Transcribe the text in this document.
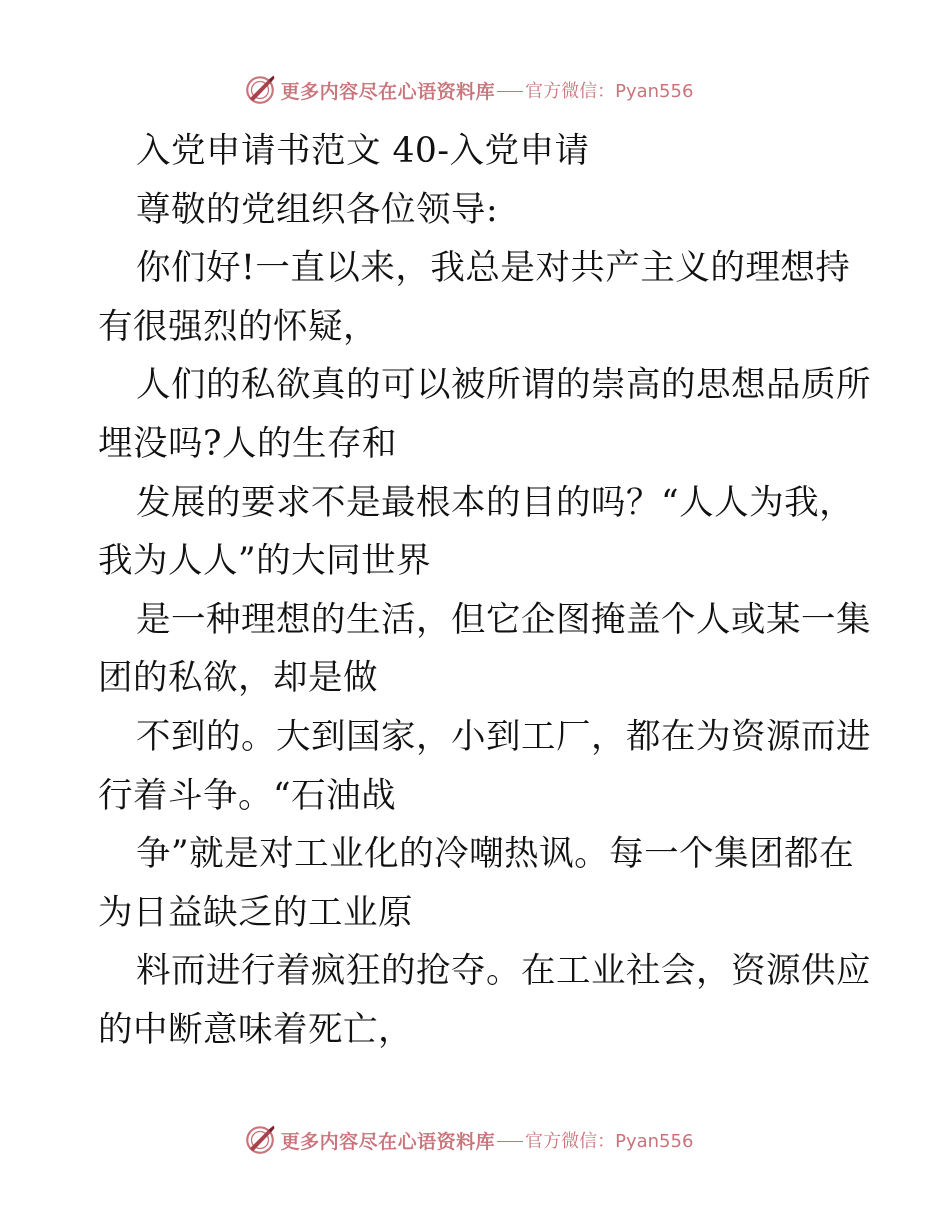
更多内容尽在心语资料库 官方微信：Pyan556

入党申请书范文 40-入党申请

尊敬的党组织各位领导:

你们好!一直以来，我总是对共产主义的理想持

有很强烈的怀疑，

人们的私欲真的可以被所谓的崇高的思想品质所

埋没吗?人的生存和

发展的要求不是最根本的目的吗？“人人为我，

我为人人”的大同世界

是一种理想的生活，但它企图掩盖个人或某一集

团的私欲，却是做

不到的。大到国家，小到工厂，都在为资源而进

行着斗争。“石油战

争”就是对工业化的冷嘲热讽。每一个集团都在

为日益缺乏的工业原

料而进行着疯狂的抢夺。在工业社会，资源供应

的中断意味着死亡，

更多内容尽在心语资料库 官方微信：Pyan556
